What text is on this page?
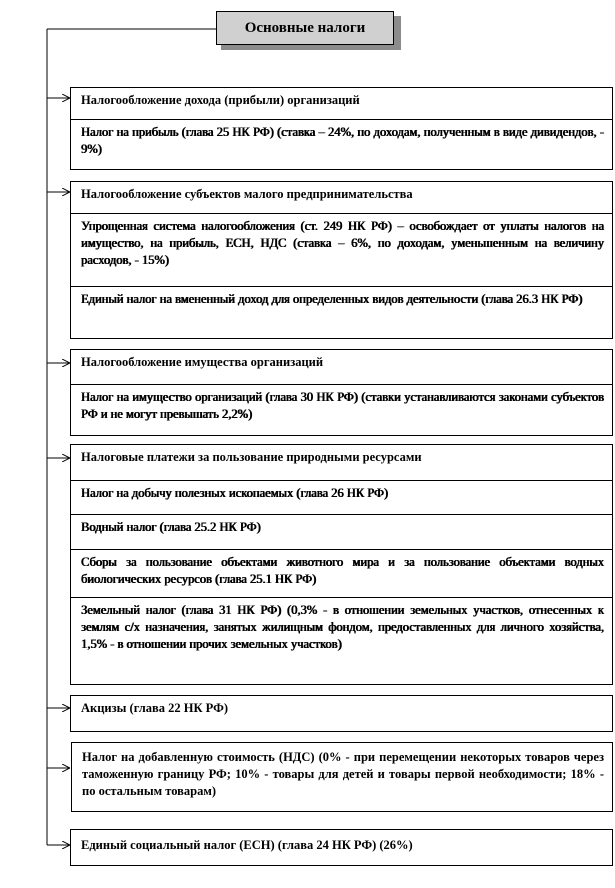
Основные налоги
Налогообложение дохода (прибыли) организаций
Налог на прибыль (глава 25 НК РФ) (ставка – 24%, по доходам, полученным в виде дивидендов, - 9%)
Налогообложение субъектов малого предпринимательства
Упрощенная система налогообложения (ст. 249 НК РФ) – освобождает от уплаты налогов на имущество, на прибыль, ЕСН, НДС (ставка – 6%, по доходам, уменьшенным на величину расходов, - 15%)
Единый налог на вмененный доход для определенных видов деятельности (глава 26.3 НК РФ)
Налогообложение имущества организаций
Налог на имущество организаций (глава 30 НК РФ) (ставки устанавливаются законами субъектов РФ и не могут превышать 2,2%)
Налоговые платежи за пользование природными ресурсами
Налог на добычу полезных ископаемых (глава 26 НК РФ)
Водный налог (глава 25.2 НК РФ)
Сборы за пользование объектами животного мира и за пользование объектами водных биологических ресурсов (глава 25.1 НК РФ)
Земельный налог (глава 31 НК РФ) (0,3% - в отношении земельных участков, отнесенных к землям с/х назначения, занятых жилищным фондом, предоставленных для личного хозяйства, 1,5% - в отношении прочих земельных участков)
Акцизы (глава 22 НК РФ)
Налог на добавленную стоимость (НДС) (0% - при перемещении некоторых товаров через таможенную границу РФ; 10% - товары для детей и товары первой необходимости; 18% - по остальным товарам)
Единый социальный налог (ЕСН) (глава 24 НК РФ) (26%)
